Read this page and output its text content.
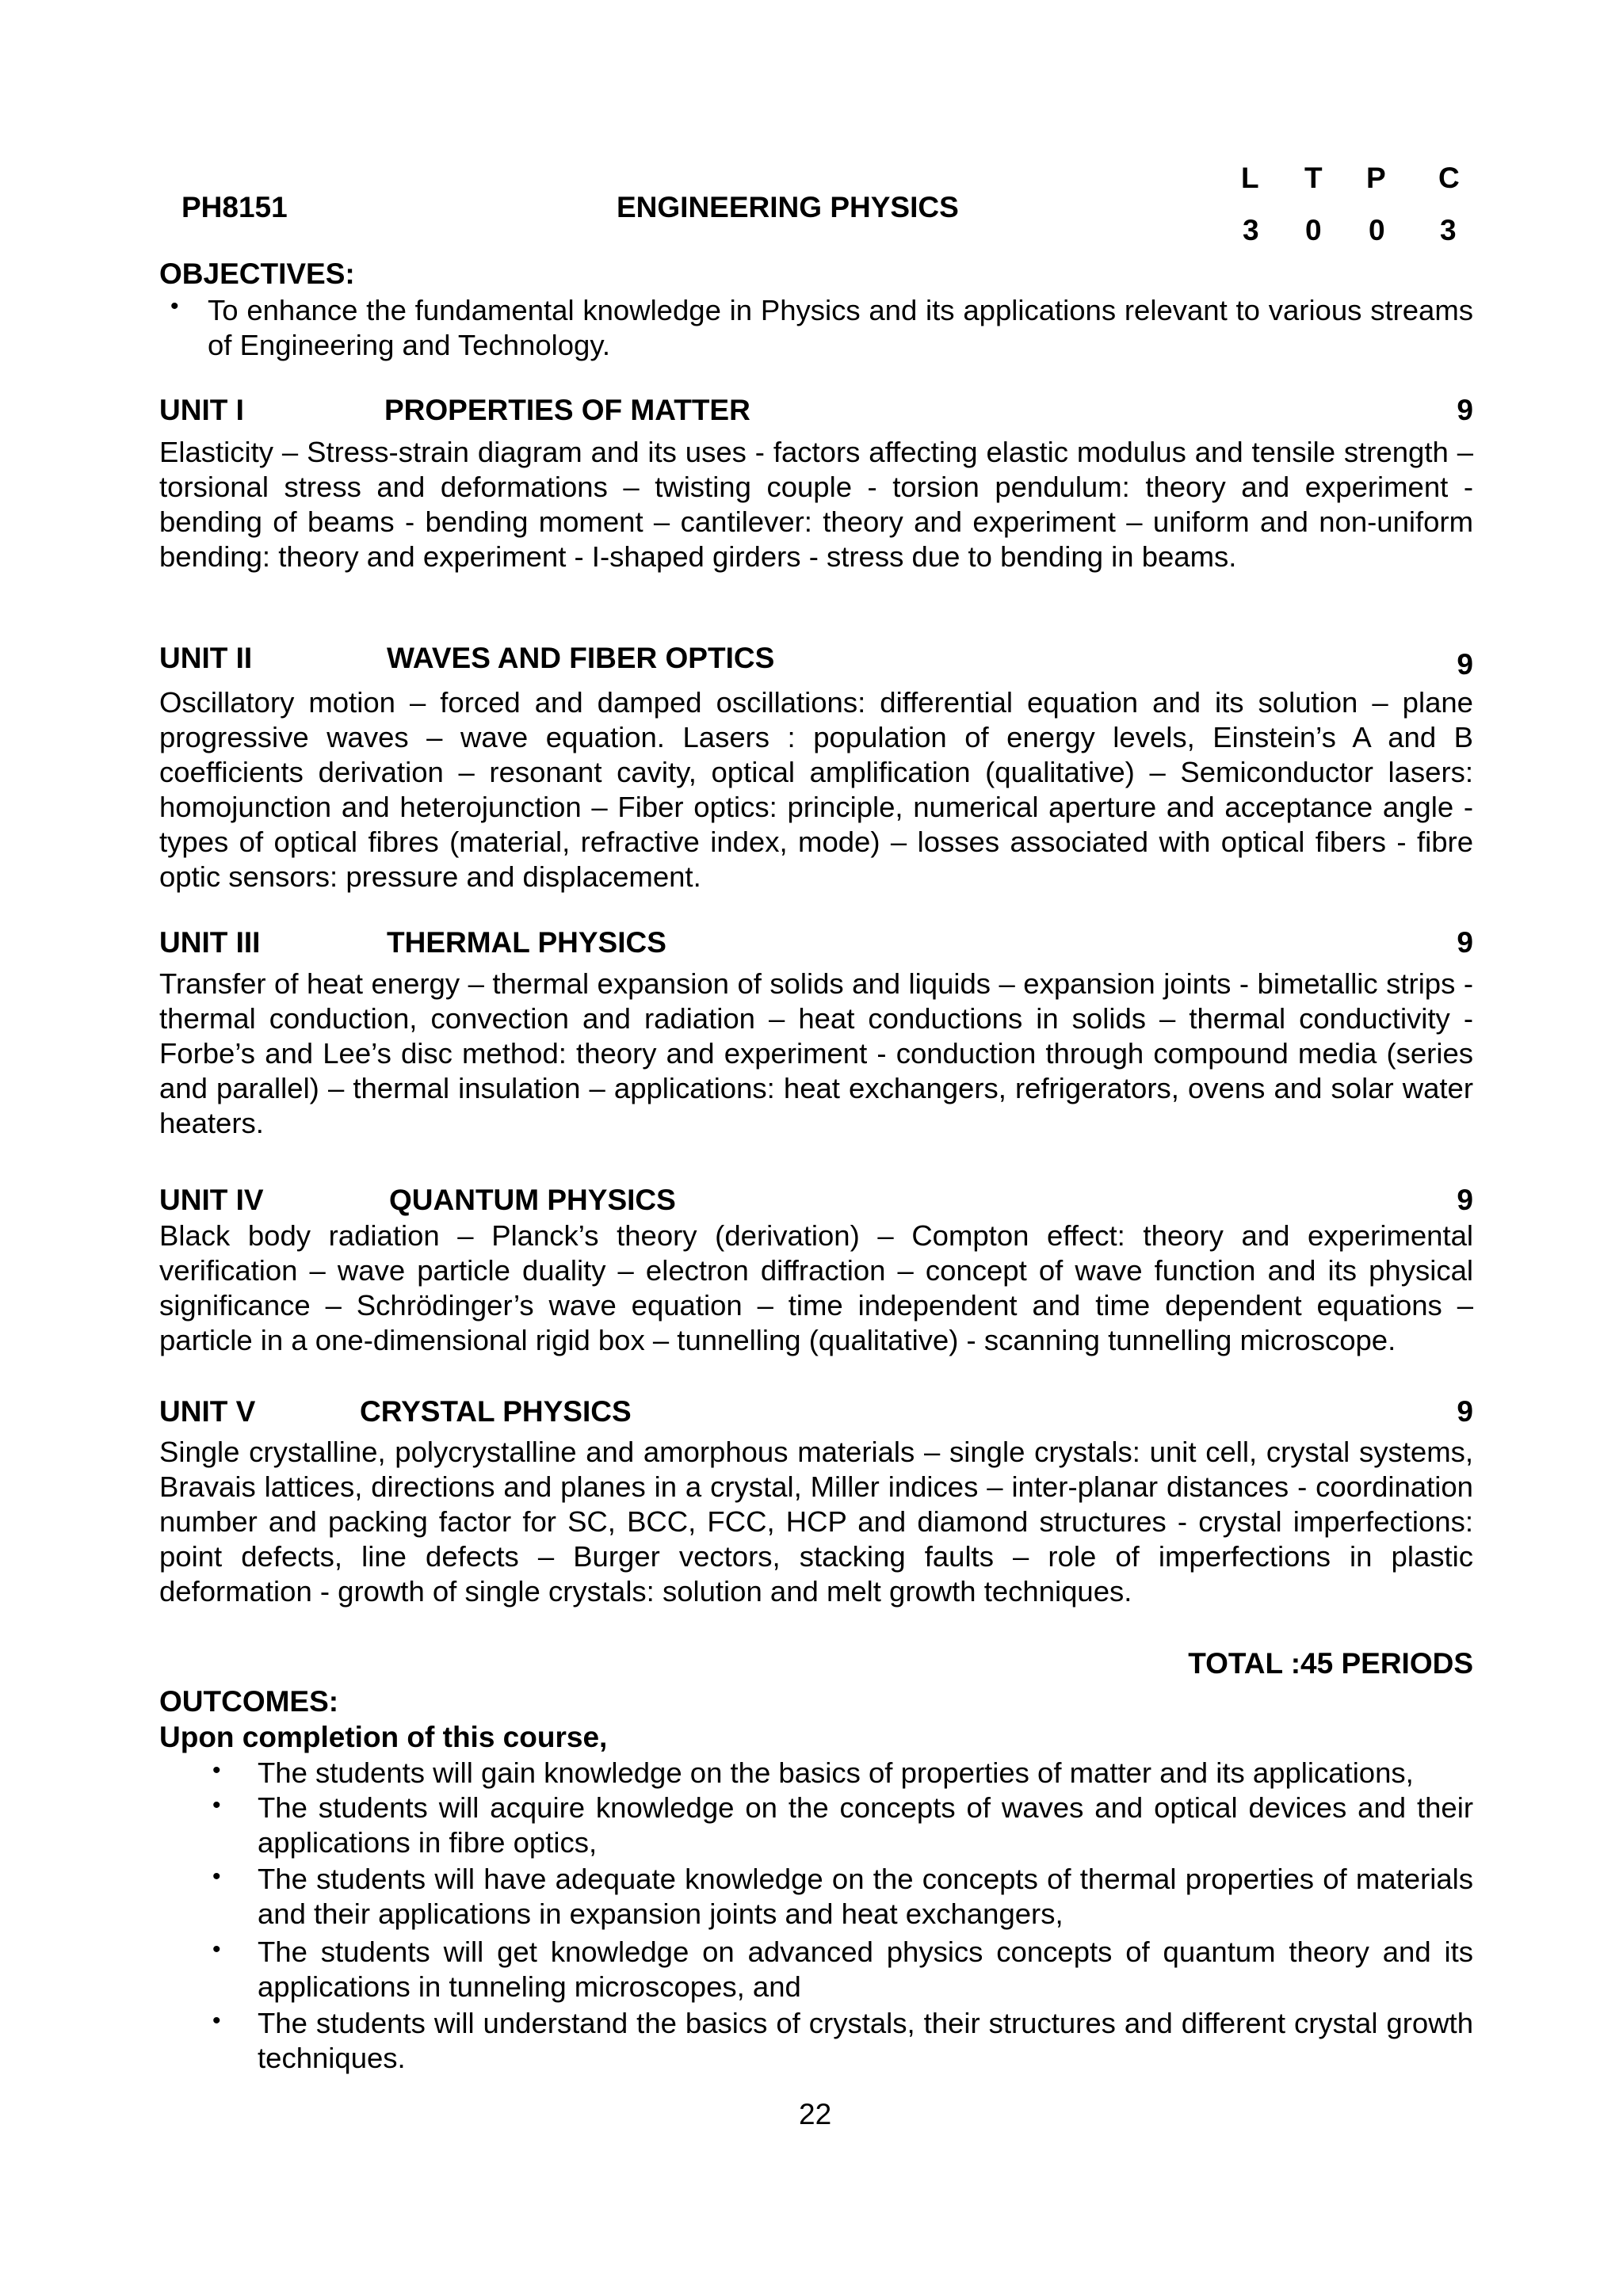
PH8151	ENGINEERING PHYSICS
L T P C
3 0 0 3
OBJECTIVES:
• To enhance the fundamental knowledge in Physics and its applications relevant to various streams of Engineering and Technology.
UNIT I	PROPERTIES OF MATTER	9
Elasticity – Stress-strain diagram and its uses - factors affecting elastic modulus and tensile strength – torsional stress and deformations – twisting couple - torsion pendulum: theory and experiment - bending of beams - bending moment – cantilever: theory and experiment – uniform and non-uniform bending: theory and experiment - I-shaped girders - stress due to bending in beams.
UNIT II	WAVES AND FIBER OPTICS	9
Oscillatory motion – forced and damped oscillations: differential equation and its solution – plane progressive waves – wave equation. Lasers : population of energy levels, Einstein’s A and B coefficients derivation – resonant cavity, optical amplification (qualitative) – Semiconductor lasers: homojunction and heterojunction – Fiber optics: principle, numerical aperture and acceptance angle - types of optical fibres (material, refractive index, mode) – losses associated with optical fibers - fibre optic sensors: pressure and displacement.
UNIT III	THERMAL PHYSICS	9
Transfer of heat energy – thermal expansion of solids and liquids – expansion joints - bimetallic strips - thermal conduction, convection and radiation – heat conductions in solids – thermal conductivity - Forbe’s and Lee’s disc method: theory and experiment - conduction through compound media (series and parallel) – thermal insulation – applications: heat exchangers, refrigerators, ovens and solar water heaters.
UNIT IV	QUANTUM PHYSICS	9
Black body radiation – Planck’s theory (derivation) – Compton effect: theory and experimental verification – wave particle duality – electron diffraction – concept of wave function and its physical significance – Schrödinger’s wave equation – time independent and time dependent equations – particle in a one-dimensional rigid box – tunnelling (qualitative) - scanning tunnelling microscope.
UNIT V	CRYSTAL PHYSICS	9
Single crystalline, polycrystalline and amorphous materials – single crystals: unit cell, crystal systems, Bravais lattices, directions and planes in a crystal, Miller indices – inter-planar distances - coordination number and packing factor for SC, BCC, FCC, HCP and diamond structures - crystal imperfections: point defects, line defects – Burger vectors, stacking faults – role of imperfections in plastic deformation - growth of single crystals: solution and melt growth techniques.
TOTAL :45 PERIODS
OUTCOMES:
Upon completion of this course,
• The students will gain knowledge on the basics of properties of matter and its applications,
• The students will acquire knowledge on the concepts of waves and optical devices and their applications in fibre optics,
• The students will have adequate knowledge on the concepts of thermal properties of materials and their applications in expansion joints and heat exchangers,
• The students will get knowledge on advanced physics concepts of quantum theory and its applications in tunneling microscopes, and
• The students will understand the basics of crystals, their structures and different crystal growth techniques.
22
